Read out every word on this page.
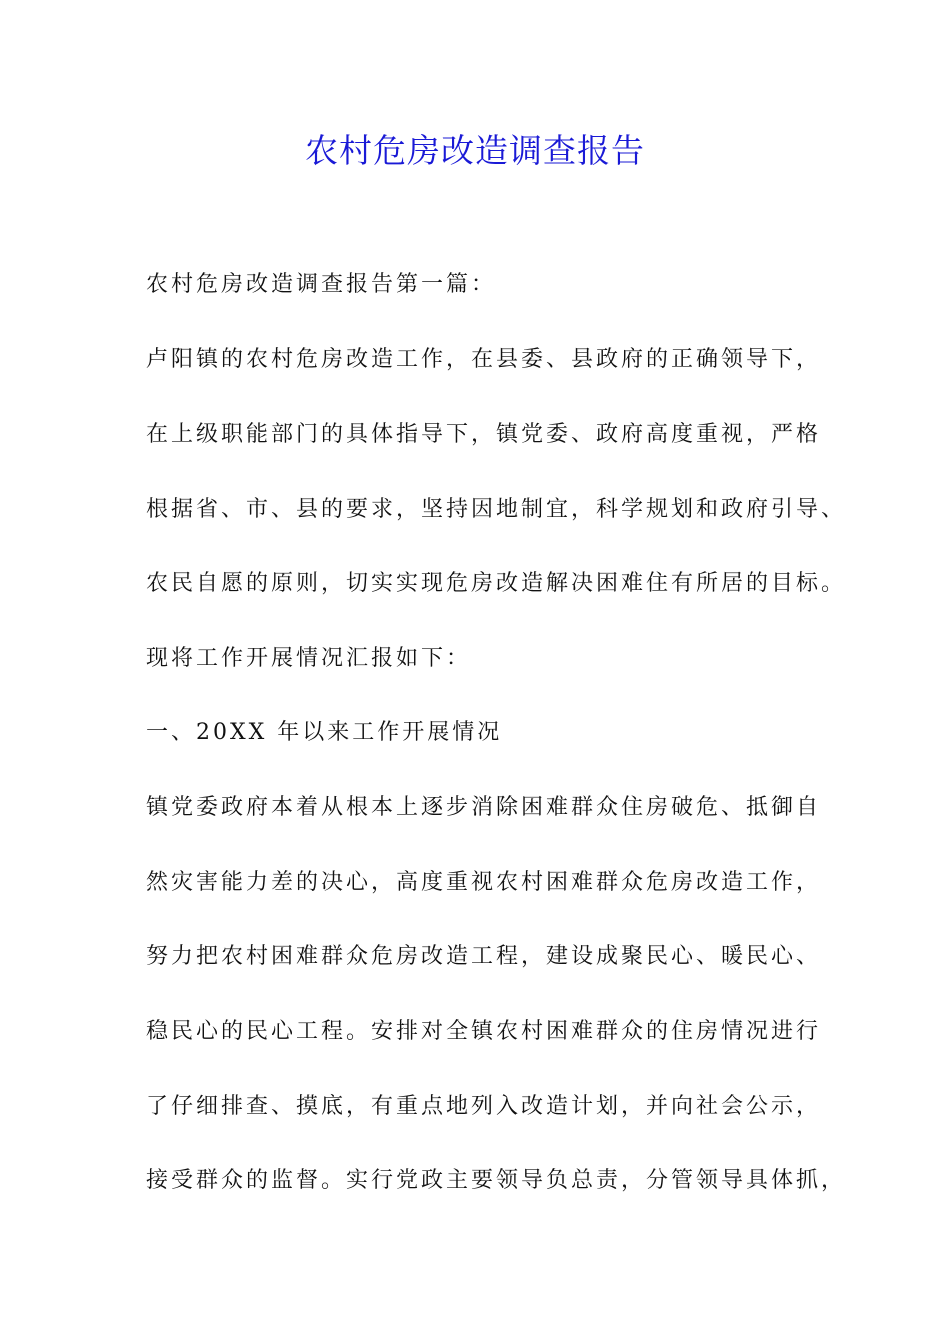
农村危房改造调查报告
农村危房改造调查报告第一篇：
卢阳镇的农村危房改造工作，在县委、县政府的正确领导下，
在上级职能部门的具体指导下，镇党委、政府高度重视，严格
根据省、市、县的要求，坚持因地制宜，科学规划和政府引导、
农民自愿的原则，切实实现危房改造解决困难住有所居的目标。
现将工作开展情况汇报如下：
一、20XX 年以来工作开展情况
镇党委政府本着从根本上逐步消除困难群众住房破危、抵御自
然灾害能力差的决心，高度重视农村困难群众危房改造工作，
努力把农村困难群众危房改造工程，建设成聚民心、暖民心、
稳民心的民心工程。安排对全镇农村困难群众的住房情况进行
了仔细排查、摸底，有重点地列入改造计划，并向社会公示，
接受群众的监督。实行党政主要领导负总责，分管领导具体抓，
